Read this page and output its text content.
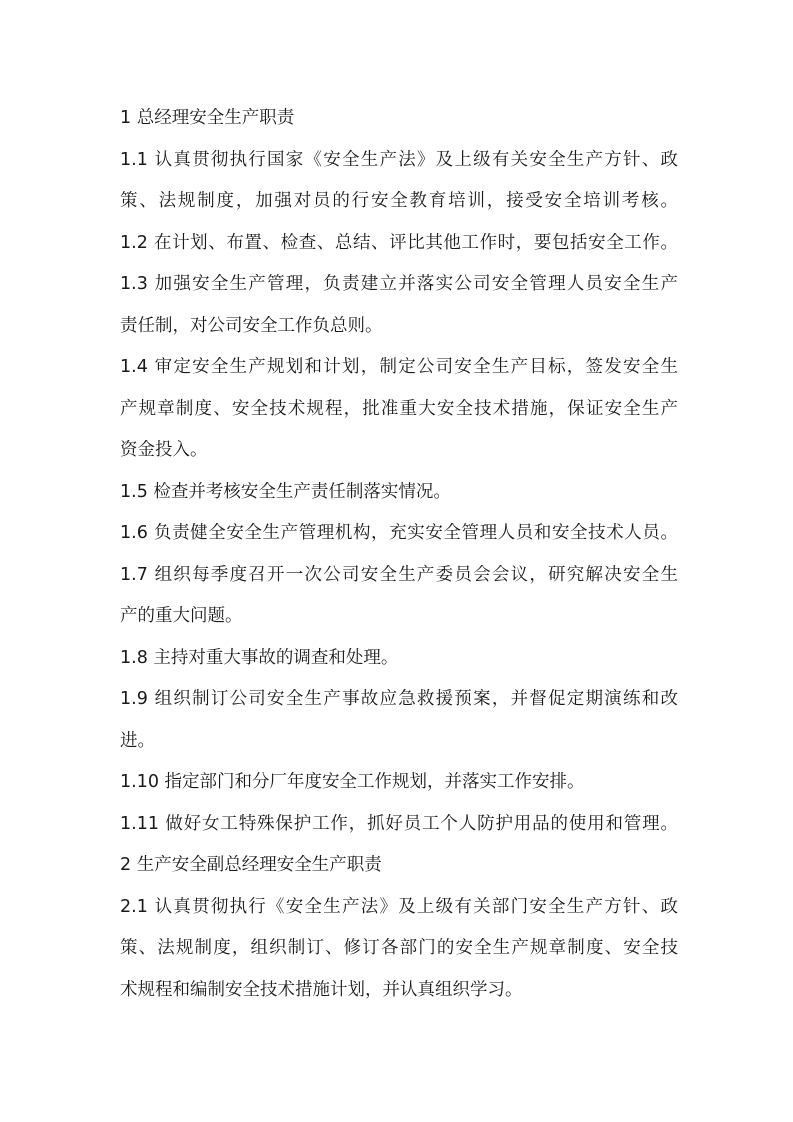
1 总经理安全生产职责
1.1 认真贯彻执行国家《安全生产法》及上级有关安全生产方针、政
策、法规制度，加强对员的行安全教育培训，接受安全培训考核。
1.2 在计划、布置、检查、总结、评比其他工作时，要包括安全工作。
1.3 加强安全生产管理，负责建立并落实公司安全管理人员安全生产
责任制，对公司安全工作负总则。
1.4 审定安全生产规划和计划，制定公司安全生产目标，签发安全生
产规章制度、安全技术规程，批准重大安全技术措施，保证安全生产
资金投入。
1.5 检查并考核安全生产责任制落实情况。
1.6 负责健全安全生产管理机构，充实安全管理人员和安全技术人员。
1.7 组织每季度召开一次公司安全生产委员会会议，研究解决安全生
产的重大问题。
1.8 主持对重大事故的调查和处理。
1.9 组织制订公司安全生产事故应急救援预案，并督促定期演练和改
进。
1.10 指定部门和分厂年度安全工作规划，并落实工作安排。
1.11 做好女工特殊保护工作，抓好员工个人防护用品的使用和管理。
2 生产安全副总经理安全生产职责
2.1 认真贯彻执行《安全生产法》及上级有关部门安全生产方针、政
策、法规制度，组织制订、修订各部门的安全生产规章制度、安全技
术规程和编制安全技术措施计划，并认真组织学习。
